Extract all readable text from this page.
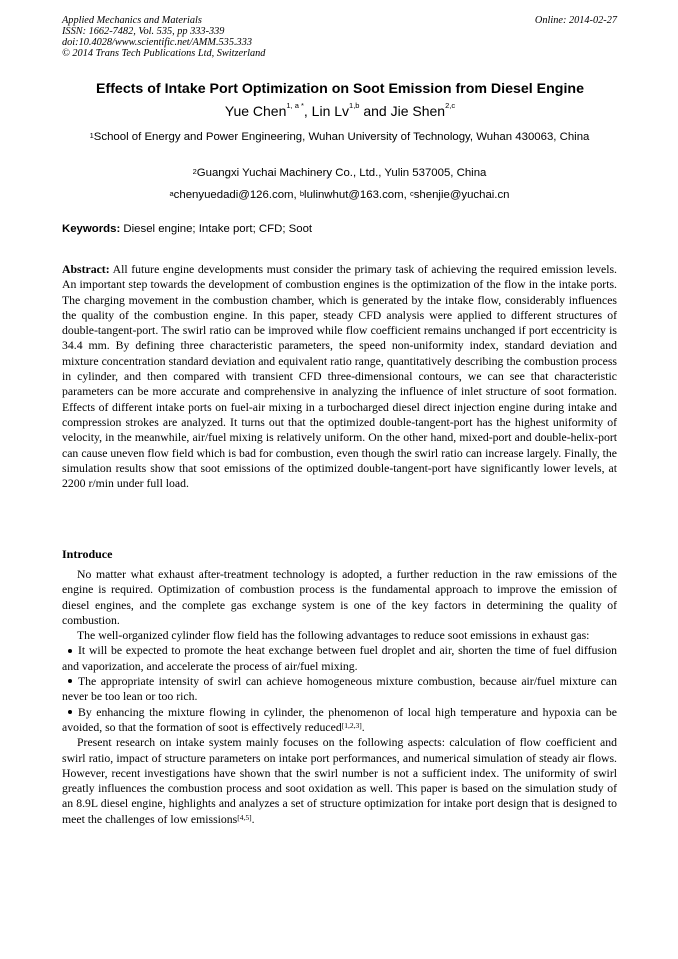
Applied Mechanics and Materials
ISSN: 1662-7482, Vol. 535, pp 333-339
doi:10.4028/www.scientific.net/AMM.535.333
© 2014 Trans Tech Publications Ltd, Switzerland
Online: 2014-02-27
Effects of Intake Port Optimization on Soot Emission from Diesel Engine
Yue Chen$^{1, a *}$, Lin Lv$^{1,b}$ and Jie Shen$^{2,c}$
$^1$School of Energy and Power Engineering, Wuhan University of Technology, Wuhan 430063, China
$^2$Guangxi Yuchai Machinery Co., Ltd., Yulin 537005, China
$^a$chenyuedadi@126.com, $^b$lulinwhut@163.com, $^c$shenjie@yuchai.cn
Keywords: Diesel engine; Intake port; CFD; Soot
Abstract: All future engine developments must consider the primary task of achieving the required emission levels. An important step towards the development of combustion engines is the optimization of the flow in the intake ports. The charging movement in the combustion chamber, which is generated by the intake flow, considerably influences the quality of the combustion engine. In this paper, steady CFD analysis were applied to different structures of double-tangent-port. The swirl ratio can be improved while flow coefficient remains unchanged if port eccentricity is 34.4 mm. By defining three characteristic parameters, the speed non-uniformity index, standard deviation and mixture concentration standard deviation and equivalent ratio range, quantitatively describing the combustion process in cylinder, and then compared with transient CFD three-dimensional contours, we can see that characteristic parameters can be more accurate and comprehensive in analyzing the influence of inlet structure of soot formation. Effects of different intake ports on fuel-air mixing in a turbocharged diesel direct injection engine during intake and compression strokes are analyzed. It turns out that the optimized double-tangent-port has the highest uniformity of velocity, in the meanwhile, air/fuel mixing is relatively uniform. On the other hand, mixed-port and double-helix-port can cause uneven flow field which is bad for combustion, even though the swirl ratio can increase largely. Finally, the simulation results show that soot emissions of the optimized double-tangent-port have significantly lower levels, at 2200 r/min under full load.
Introduce

No matter what exhaust after-treatment technology is adopted, a further reduction in the raw emissions of the engine is required. Optimization of combustion process is the fundamental approach to improve the emission of diesel engines, and the complete gas exchange system is one of the key factors in determining the quality of combustion.

The well-organized cylinder flow field has the following advantages to reduce soot emissions in exhaust gas:

It will be expected to promote the heat exchange between fuel droplet and air, shorten the time of fuel diffusion and vaporization, and accelerate the process of air/fuel mixing.

The appropriate intensity of swirl can achieve homogeneous mixture combustion, because air/fuel mixture can never be too lean or too rich.

By enhancing the mixture flowing in cylinder, the phenomenon of local high temperature and hypoxia can be avoided, so that the formation of soot is effectively reduced[1,2,3].

Present research on intake system mainly focuses on the following aspects: calculation of flow coefficient and swirl ratio, impact of structure parameters on intake port performances, and numerical simulation of steady air flows. However, recent investigations have shown that the swirl number is not a sufficient index. The uniformity of swirl greatly influences the combustion process and soot oxidation as well. This paper is based on the simulation study of an 8.9L diesel engine, highlights and analyzes a set of structure optimization for intake port design that is designed to meet the challenges of low emissions[4,5].
